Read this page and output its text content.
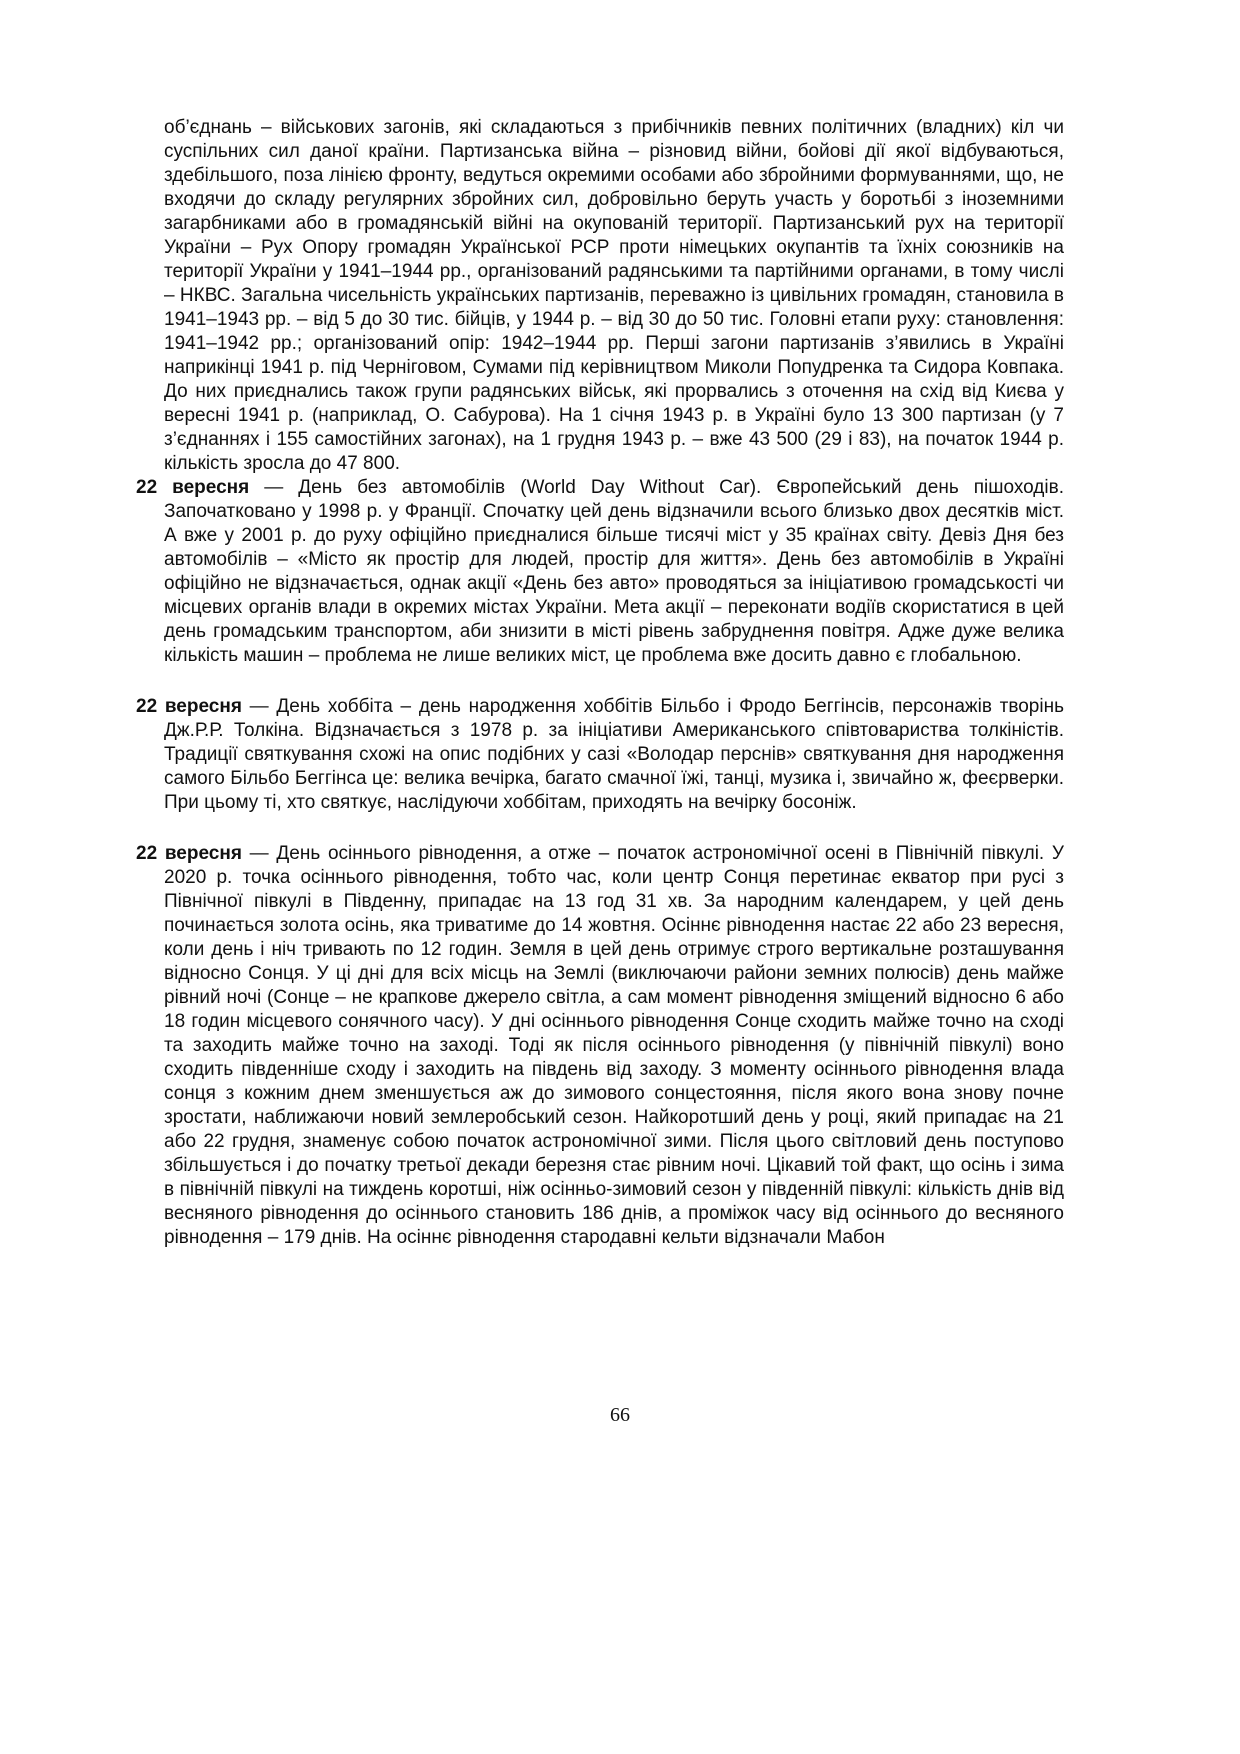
об’єднань – військових загонів, які складаються з прибічників певних політичних (владних) кіл чи суспільних сил даної країни. Партизанська війна – різновид війни, бойові дії якої відбуваються, здебільшого, поза лінією фронту, ведуться окремими особами або збройними формуваннями, що, не входячи до складу регулярних збройних сил, добровільно беруть участь у боротьбі з іноземними загарбниками або в громадянській війні на окупованій території. Партизанський рух на території України – Рух Опору громадян Української РСР проти німецьких окупантів та їхніх союзників на території України у 1941–1944 рр., організований радянськими та партійними органами, в тому числі – НКВС. Загальна чисельність українських партизанів, переважно із цивільних громадян, становила в 1941–1943 рр. – від 5 до 30 тис. бійців, у 1944 р. – від 30 до 50 тис. Головні етапи руху: становлення: 1941–1942 рр.; організований опір: 1942–1944 рр. Перші загони партизанів з’явились в Україні наприкінці 1941 р. під Черніговом, Сумами під керівництвом Миколи Попудренка та Сидора Ковпака. До них приєднались також групи радянських військ, які прорвались з оточення на схід від Києва у вересні 1941 р. (наприклад, О. Сабурова). На 1 січня 1943 р. в Україні було 13 300 партизан (у 7 з’єднаннях і 155 самостійних загонах), на 1 грудня 1943 р. – вже 43 500 (29 і 83), на початок 1944 р. кількість зросла до 47 800.

22 вересня — День без автомобілів (World Day Without Car). Європейський день пішоходів. Започатковано у 1998 р. у Франції. Спочатку цей день відзначили всього близько двох десятків міст. А вже у 2001 р. до руху офіційно приєдналися більше тисячі міст у 35 країнах світу. Девіз Дня без автомобілів – «Місто як простір для людей, простір для життя». День без автомобілів в Україні офіційно не відзначається, однак акції «День без авто» проводяться за ініціативою громадськості чи місцевих органів влади в окремих містах України. Мета акції – переконати водіїв скористатися в цей день громадським транспортом, аби знизити в місті рівень забруднення повітря. Адже дуже велика кількість машин – проблема не лише великих міст, це проблема вже досить давно є глобальною.

22 вересня — День хоббіта – день народження хоббітів Більбо і Фродо Беггінсів, персонажів творінь Дж.Р.Р. Толкіна. Відзначається з 1978 р. за ініціативи Американського співтовариства толкіністів. Традиції святкування схожі на опис подібних у сазі «Володар перснів» святкування дня народження самого Більбо Беггінса це: велика вечірка, багато смачної їжі, танці, музика і, звичайно ж, феєрверки. При цьому ті, хто святкує, наслідуючи хоббітам, приходять на вечірку босоніж.

22 вересня — День осіннього рівнодення, а отже – початок астрономічної осені в Північній півкулі. У 2020 р. точка осіннього рівнодення, тобто час, коли центр Сонця перетинає екватор при русі з Північної півкулі в Південну, припадає на 13 год 31 хв. За народним календарем, у цей день починається золота осінь, яка триватиме до 14 жовтня. Осіннє рівнодення настає 22 або 23 вересня, коли день і ніч тривають по 12 годин. Земля в цей день отримує строго вертикальне розташування відносно Сонця. У ці дні для всіх місць на Землі (виключаючи райони земних полюсів) день майже рівний ночі (Сонце – не крапкове джерело світла, а сам момент рівнодення зміщений відносно 6 або 18 годин місцевого сонячного часу). У дні осіннього рівнодення Сонце сходить майже точно на сході та заходить майже точно на заході. Тоді як після осіннього рівнодення (у північній півкулі) воно сходить південніше сходу і заходить на південь від заходу. З моменту осіннього рівнодення влада сонця з кожним днем зменшується аж до зимового сонцестояння, після якого вона знову почне зростати, наближаючи новий землеробський сезон. Найкоротший день у році, який припадає на 21 або 22 грудня, знаменує собою початок астрономічної зими. Після цього світловий день поступово збільшується і до початку третьої декади березня стає рівним ночі. Цікавий той факт, що осінь і зима в північній півкулі на тиждень коротші, ніж осінньо-зимовий сезон у південній півкулі: кількість днів від весняного рівнодення до осіннього становить 186 днів, а проміжок часу від осіннього до весняного рівнодення – 179 днів. На осіннє рівнодення стародавні кельти відзначали Мабон

66
